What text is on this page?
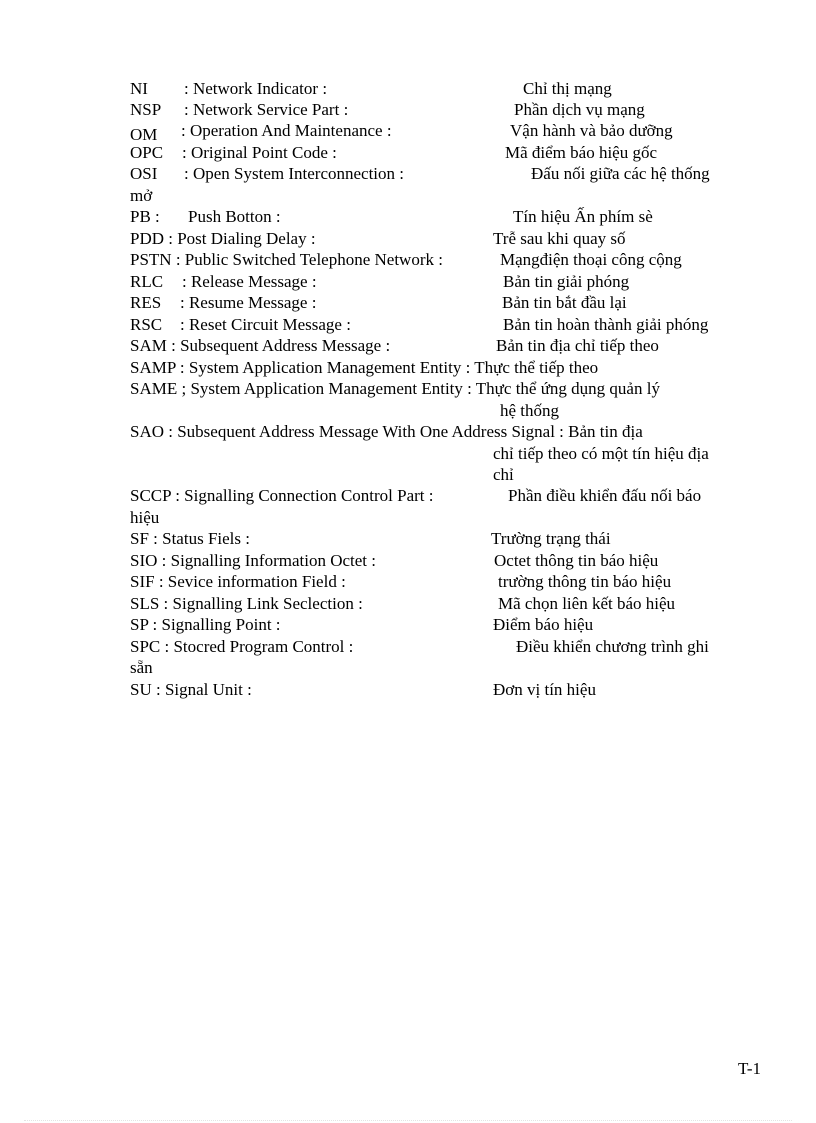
NI : Network Indicator :	Chỉ thị mạng
NSP : Network Service Part :	Phần dịch vụ mạng
OM : Operation And Maintenance :	Vận hành và bảo dưỡng
OPC : Original Point Code :	Mã điểm báo hiệu gốc
OSI : Open System Interconnection :	Đấu nối giữa các hệ thống
mở
PB : Push Botton :	Tín hiệu Ấn phím sè
PDD : Post Dialing Delay :	Trễ sau khi quay số
PSTN : Public Switched Telephone Network :	Mạngđiện thoại công cộng
RLC : Release Message :	Bản tin giải phóng
RES : Resume Message :	Bản tin bắt đầu lại
RSC : Reset Circuit Message :	Bản tin hoàn thành giải phóng
SAM : Subsequent Address Message :	Bản tin địa chỉ tiếp theo
SAMP : System Application Management Entity : Thực thể tiếp theo
SAME ; System Application Management Entity : Thực thể ứng dụng quản lý
hệ thống
SAO : Subsequent Address Message With One Address Signal : Bản tin địa
chỉ tiếp theo có một tín hiệu địa
chỉ
SCCP : Signalling Connection Control Part :	Phần điều khiển đấu nối báo
hiệu
SF : Status Fiels :	Trường trạng thái
SIO : Signalling Information Octet :	Octet thông tin báo hiệu
SIF : Sevice information Field :	trường thông tin báo hiệu
SLS : Signalling Link Seclection :	Mã chọn liên kết báo hiệu
SP : Signalling Point :	Điểm báo hiệu
SPC : Stocred Program Control :	Điều khiển chương trình ghi
sẵn
SU : Signal Unit :	Đơn vị tín hiệu
T-1
